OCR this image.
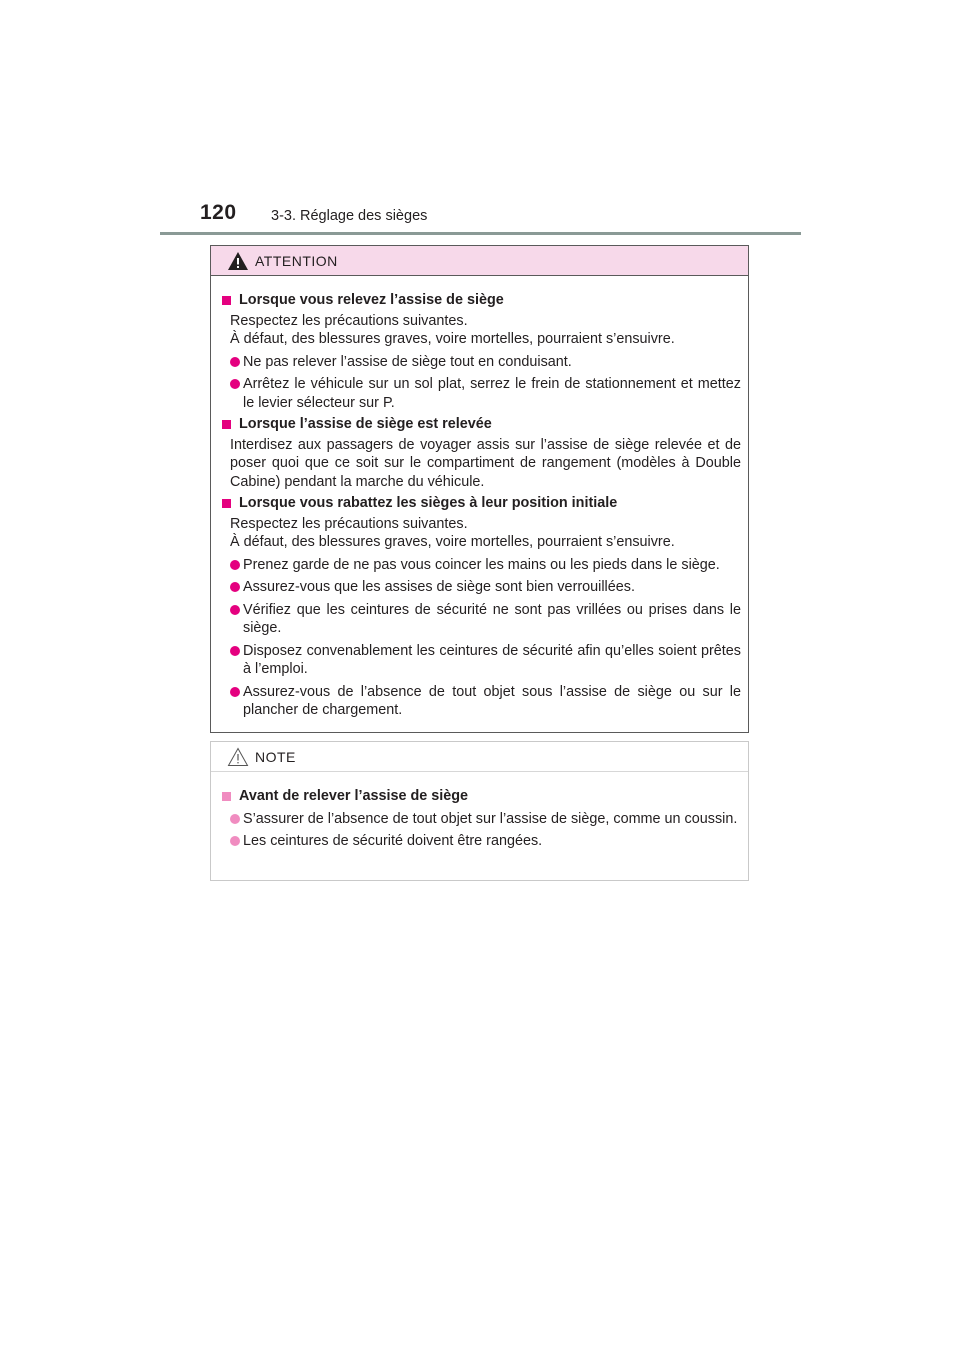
120 3-3. Réglage des sièges
ATTENTION
Lorsque vous relevez l’assise de siège
Respectez les précautions suivantes.
À défaut, des blessures graves, voire mortelles, pourraient s’ensuivre.
Ne pas relever l’assise de siège tout en conduisant.
Arrêtez le véhicule sur un sol plat, serrez le frein de stationnement et mettez le levier sélecteur sur P.
Lorsque l’assise de siège est relevée
Interdisez aux passagers de voyager assis sur l’assise de siège relevée et de poser quoi que ce soit sur le compartiment de rangement (modèles à Double Cabine) pendant la marche du véhicule.
Lorsque vous rabattez les sièges à leur position initiale
Respectez les précautions suivantes.
À défaut, des blessures graves, voire mortelles, pourraient s’ensuivre.
Prenez garde de ne pas vous coincer les mains ou les pieds dans le siège.
Assurez-vous que les assises de siège sont bien verrouillées.
Vérifiez que les ceintures de sécurité ne sont pas vrillées ou prises dans le siège.
Disposez convenablement les ceintures de sécurité afin qu’elles soient prêtes à l’emploi.
Assurez-vous de l’absence de tout objet sous l’assise de siège ou sur le plancher de chargement.
NOTE
Avant de relever l’assise de siège
S’assurer de l’absence de tout objet sur l’assise de siège, comme un coussin.
Les ceintures de sécurité doivent être rangées.
